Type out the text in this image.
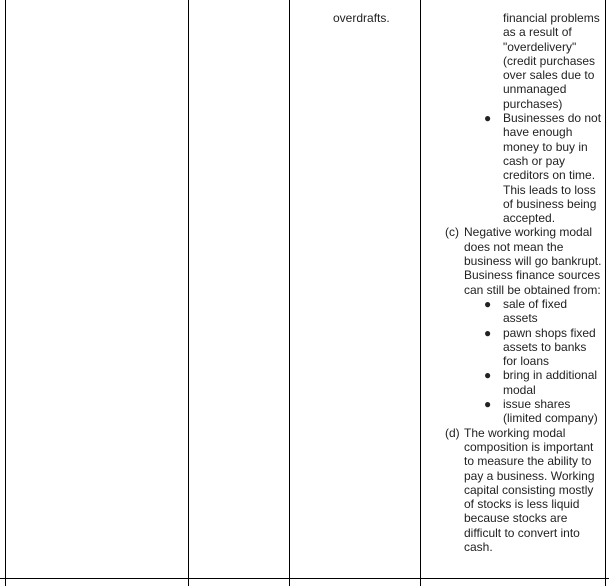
overdrafts.	financial problems as a result of "overdelivery" (credit purchases over sales due to unmanaged purchases)
● Businesses do not have enough money to buy in cash or pay creditors on time. This leads to loss of business being accepted.
(c) Negative working modal does not mean the business will go bankrupt. Business finance sources can still be obtained from:
● sale of fixed assets
● pawn shops fixed assets to banks for loans
● bring in additional modal
● issue shares (limited company)
(d) The working modal composition is important to measure the ability to pay a business. Working capital consisting mostly of stocks is less liquid because stocks are difficult to convert into cash.
